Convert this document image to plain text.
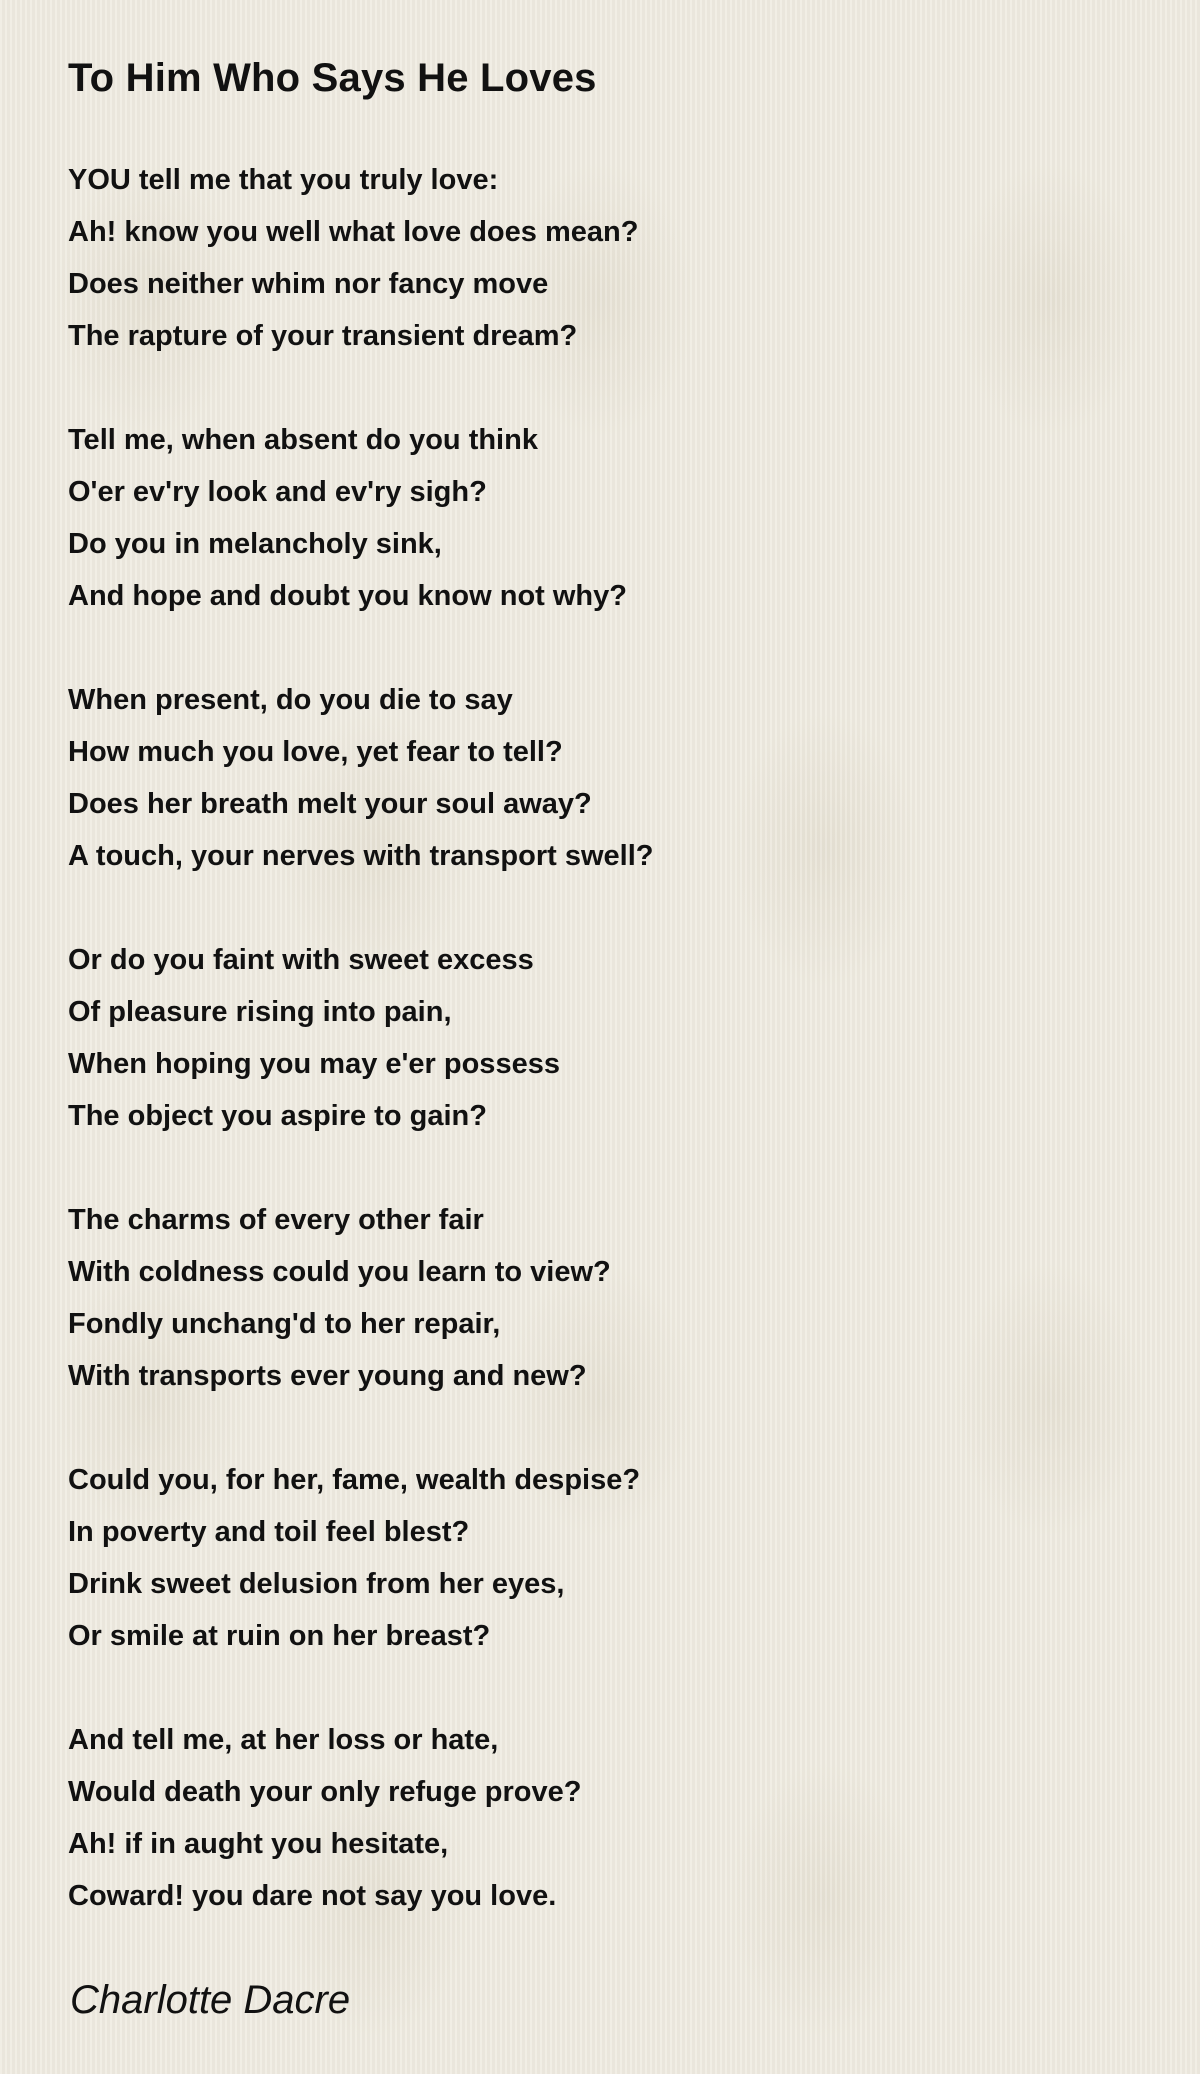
To Him Who Says He Loves
YOU tell me that you truly love:
Ah! know you well what love does mean?
Does neither whim nor fancy move
The rapture of your transient dream?
Tell me, when absent do you think
O'er ev'ry look and ev'ry sigh?
Do you in melancholy sink,
And hope and doubt you know not why?
When present, do you die to say
How much you love, yet fear to tell?
Does her breath melt your soul away?
A touch, your nerves with transport swell?
Or do you faint with sweet excess
Of pleasure rising into pain,
When hoping you may e'er possess
The object you aspire to gain?
The charms of every other fair
With coldness could you learn to view?
Fondly unchang'd to her repair,
With transports ever young and new?
Could you, for her, fame, wealth despise?
In poverty and toil feel blest?
Drink sweet delusion from her eyes,
Or smile at ruin on her breast?
And tell me, at her loss or hate,
Would death your only refuge prove?
Ah! if in aught you hesitate,
Coward! you dare not say you love.
Charlotte Dacre
